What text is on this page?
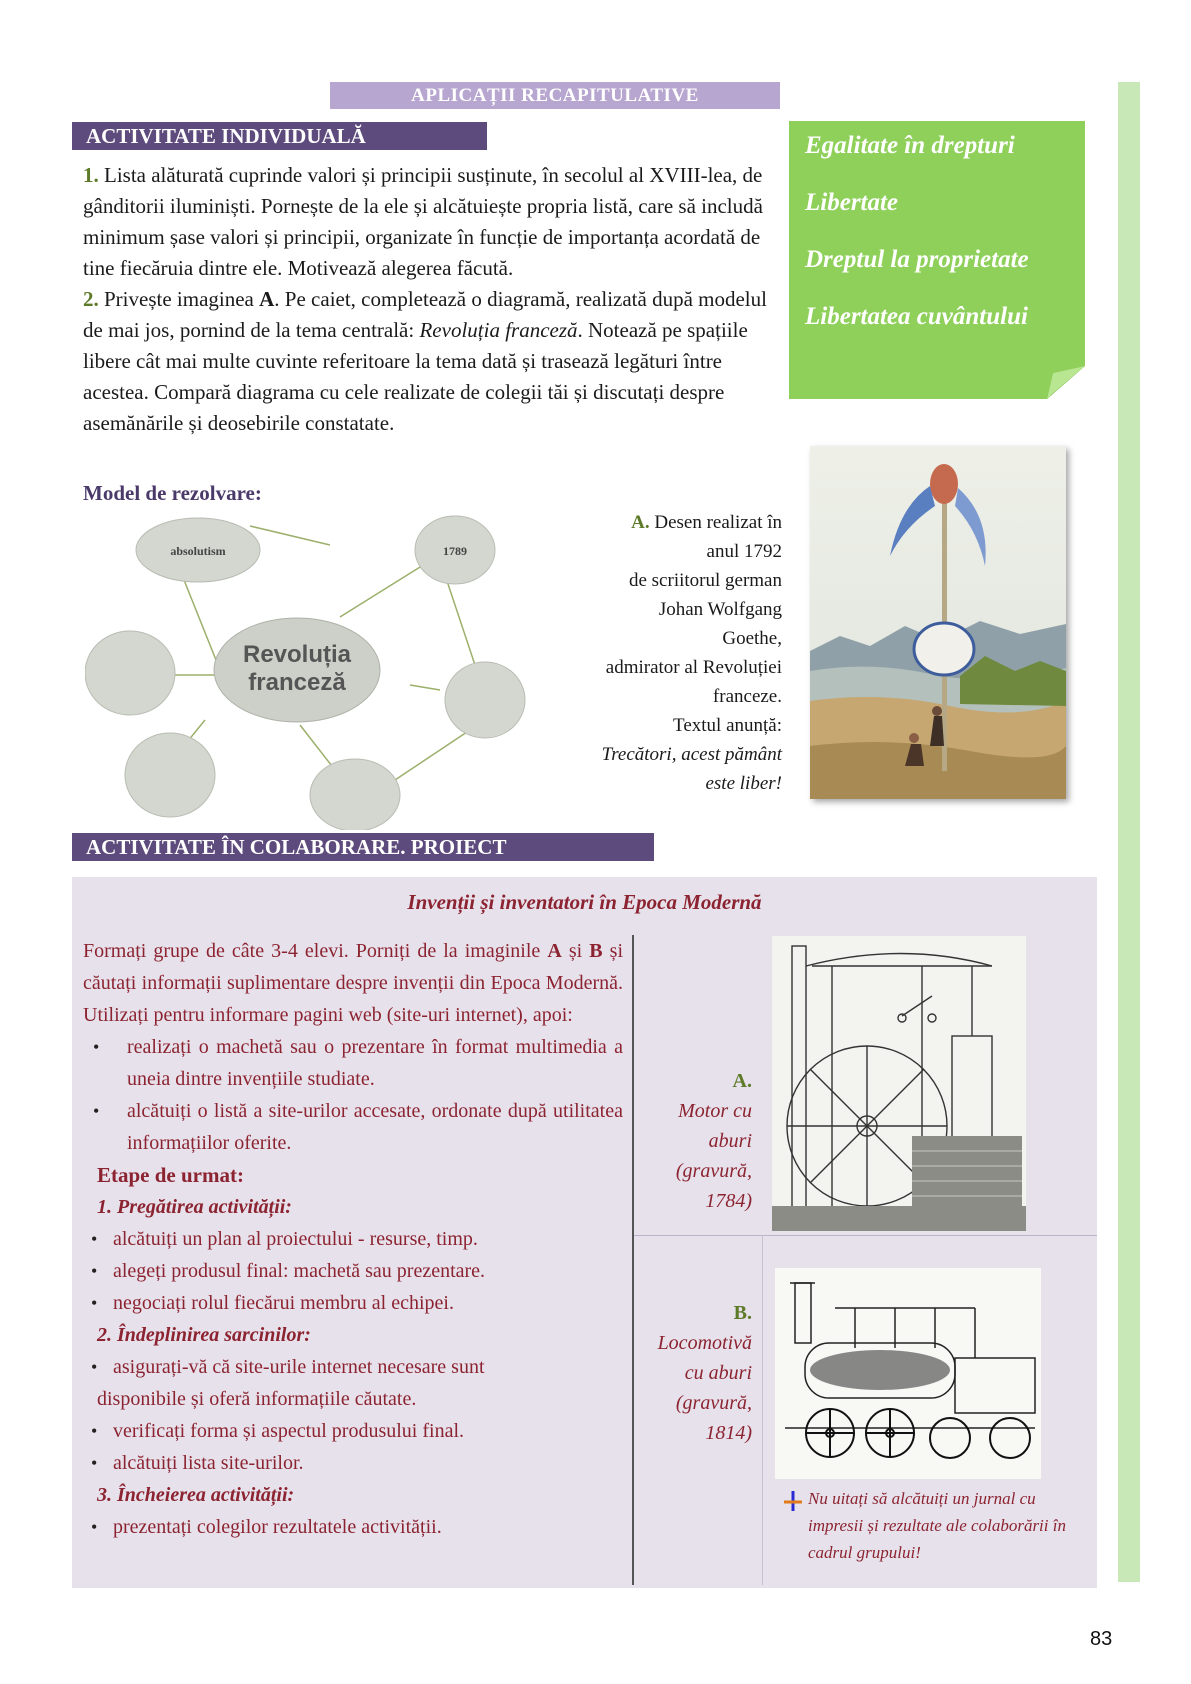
APLICAȚII RECAPITULATIVE
ACTIVITATE INDIVIDUALĂ

1. Lista alăturată cuprinde valori și principii susținute, în secolul al XVIII-lea, de gânditorii iluminiști. Pornește de la ele și alcătuiește propria listă, care să includă minimum șase valori și principii, organizate în funcție de importanța acordată de tine fiecăruia dintre ele. Motivează alegerea făcută.

2. Privește imaginea A. Pe caiet, completează o diagramă, realizată după modelul de mai jos, pornind de la tema centrală: Revoluția franceză. Notează pe spațiile libere cât mai multe cuvinte referitoare la tema dată și trasează legături între acestea. Compară diagrama cu cele realizate de colegii tăi și discutați despre asemănările și deosebirile constatate.

Model de rezolvare:
Egalitate în drepturi
Libertate
Dreptul la proprietate
Libertatea cuvântului
absolutism	1789
Revoluția
franceză
A. Desen realizat în
anul 1792
de scriitorul german
Johan Wolfgang
Goethe,
admirator al Revoluției
franceze.
Textul anunță:
Trecători, acest pământ
este liber!
ACTIVITATE ÎN COLABORARE. PROIECT
Invenții și inventatori în Epoca Modernă
Formați grupe de câte 3-4 elevi. Porniți de la imaginile A și B și căutați informații suplimentare despre invenții din Epoca Modernă. Utilizați pentru informare pagini web (site-uri internet), apoi:
• realizați o machetă sau o prezentare în format multimedia a uneia dintre invențiile studiate.
• alcătuiți o listă a site-urilor accesate, ordonate după utilitatea informațiilor oferite.
Etape de urmat:
1. Pregătirea activității:
• alcătuiți un plan al proiectului - resurse, timp.
• alegeți produsul final: machetă sau prezentare.
• negociați rolul fiecărui membru al echipei.
2. Îndeplinirea sarcinilor:
• asigurați-vă că site-urile internet necesare sunt
disponibile și oferă informațiile căutate.
• verificați forma și aspectul produsului final.
• alcătuiți lista site-urilor.
3. Încheierea activității:
• prezentați colegilor rezultatele activității.
A.
Motor cu
aburi
(gravură,
1784)
B.
Locomotivă
cu aburi
(gravură,
1814)
Nu uitați să alcătuiți un jurnal cu impresii și rezultate ale colaborării în cadrul grupului!
83
